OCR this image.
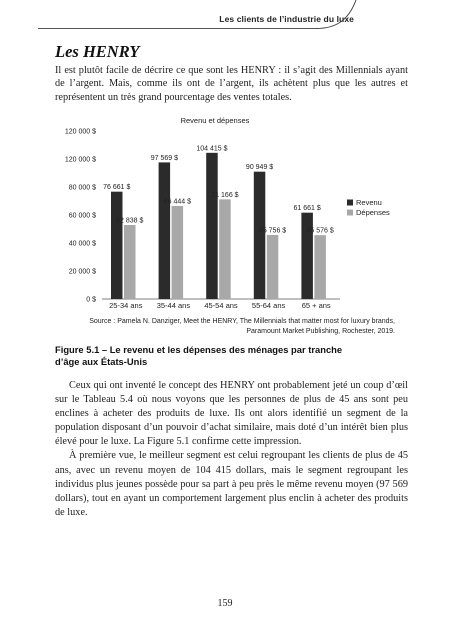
Les clients de l’industrie du luxe
Les HENRY
Il est plutôt facile de décrire ce que sont les HENRY : il s’agit des Millennials ayant de l’argent. Mais, comme ils ont de l’argent, ils achètent plus que les autres et représentent un très grand pourcentage des ventes totales.
Revenu et dépenses
0 $
20 000 $
40 000 $
60 000 $
80 000 $
120 000 $
120 000 $
25-34 ans 35-44 ans 45-54 ans 55-64 ans 65 + ans
76 661 $
97 569 $
104 415 $
90 949 $
61 661 $
52 838 $
66 444 $
71 166 $
45 756 $	45 576 $
Revenu
Dépenses
Source : Pamela N. Danziger, Meet the HENRY, The Millennials that matter most for luxury brands,
Paramount Market Publishing, Rochester, 2019.
Figure 5.1 – Le revenu et les dépenses des ménages par tranche d’âge aux États-Unis

Ceux qui ont inventé le concept des HENRY ont probablement jeté un coup d’œil sur le Tableau 5.4 où nous voyons que les personnes de plus de 45 ans sont peu enclines à acheter des produits de luxe. Ils ont alors identifié un segment de la population disposant d’un pouvoir d’achat similaire, mais doté d’un intérêt bien plus élevé pour le luxe. La Figure 5.1 confirme cette impression.

À première vue, le meilleur segment est celui regroupant les clients de plus de 45 ans, avec un revenu moyen de 104 415 dollars, mais le segment regroupant les individus plus jeunes possède pour sa part à peu près le même revenu moyen (97 569 dollars), tout en ayant un comportement largement plus enclin à acheter des produits de luxe.

159
